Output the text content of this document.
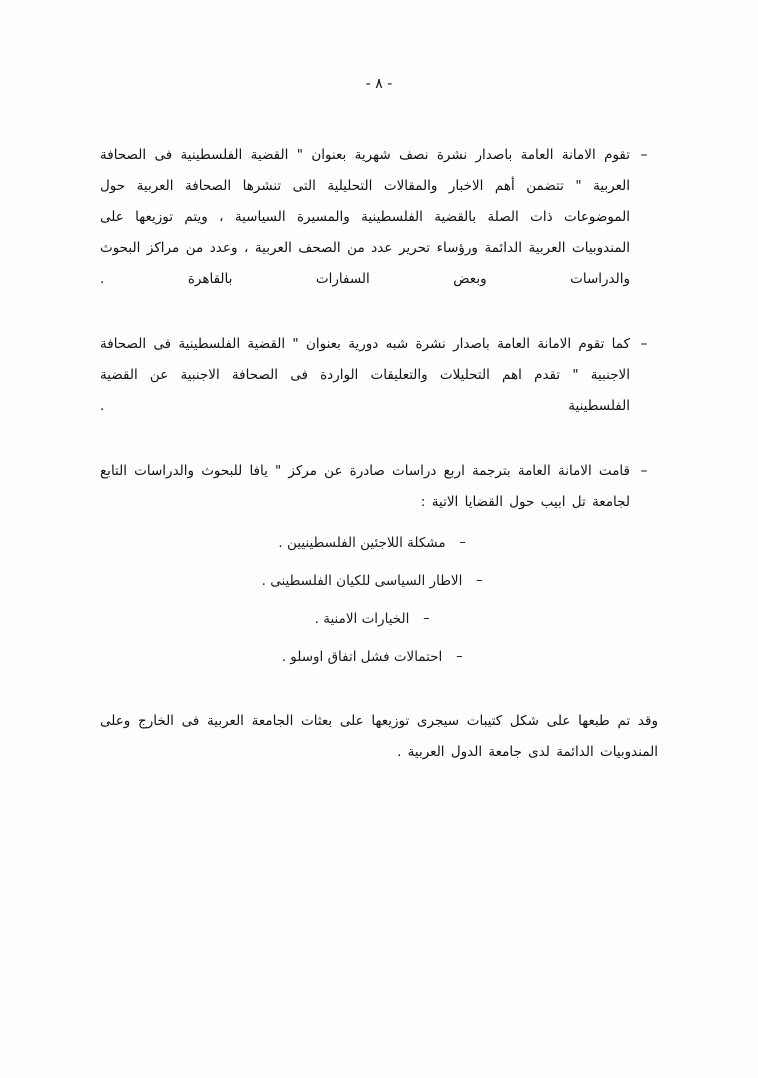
- ٨ -
–
تقوم الامانة العامة باصدار نشرة نصف شهرية بعنوان " القضية الفلسطينية فى الصحافة العربية " تتضمن أهم الاخبار والمقالات التحليلية التى تنشرها الصحافة العربية حول الموضوعات ذات الصلة بالقضية الفلسطينية والمسيرة السياسية ، ويتم توزيعها على المندوبيات العربية الدائمة ورؤساء تحرير عدد من الصحف العربية ، وعدد من مراكز البحوث والدراسات وبعض السفارات بالقاهرة .
–
كما تقوم الامانة العامة باصدار نشرة شبه دورية بعنوان " القضية الفلسطينية فى الصحافة الاجنبية " تقدم اهم التحليلات والتعليقات الواردة فى الصحافة الاجنبية عن القضية الفلسطينية .
–
قامت الامانة العامة بترجمة اربع دراسات صادرة عن مركز " يافا للبحوث والدراسات التابع لجامعة تل ابيب حول القضايا الاتية :
–
مشكلة اللاجئين الفلسطينيين .
–
الاطار السياسى للكيان الفلسطينى .
–
الخيارات الامنية .
–
احتمالات فشل اتفاق اوسلو .
وقد تم طبعها على شكل كتيبات سيجرى توزيعها على بعثات الجامعة العربية فى الخارج وعلى المندوبيات الدائمة لدى جامعة الدول العربية .
